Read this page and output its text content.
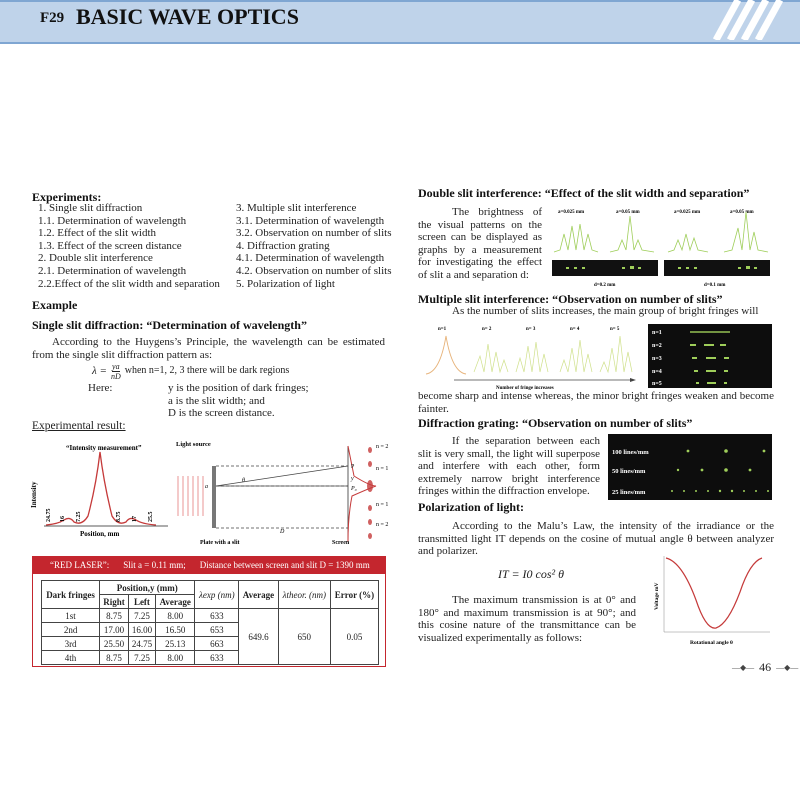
F29 BASIC WAVE OPTICS
Experiments:
1. Single slit diffraction	3. Multiple slit interference
1.1. Determination of wavelength	3.1. Determination of wavelength
1.2. Effect of the slit width	3.2. Observation on number of slits
1.3. Effect of the screen distance	4. Diffraction grating
2. Double slit interference	4.1. Determination of wavelength
2.1. Determination of wavelength	4.2. Observation on number of slits
2.2.Effect of the slit width and separation	5. Polarization of light
Example
Single slit diffraction: “Determination of wavelength”
According to the Huygens’s Principle, the wavelength can be estimated from the single slit diffraction pattern as:
$\lambda = \frac{ya}{nD}$ when n=1, 2, 3 there will be dark regions
Here:	y is the position of dark fringes;
a is the slit width; and
D is the screen distance.
Experimental result:
“Intensity measurement”
Intensity
24.75 16 7.25	8.75 17 25.5
Position, mm
Light source
a
θ
P
y
P₀
D
n = 2
n = 1
n = 1
n = 2
Plate with a slit	Screen
“RED LASER”: Slit a = 0.11 mm; Distance between screen and slit D = 1390 mm
Dark fringes	Position,y (mm)			λexp (nm)	Average	λtheor. (nm)	Error (%)
	Right	Left	Average				
1st	8.75	7.25	8.00	633	649.6	650	0.05
2nd	17.00	16.00	16.50	653			
3rd	25.50	24.75	25.13	663			
4th	8.75	7.25	8.00	633			
Double slit interference: “Effect of the slit width and separation”
The brightness of the visual patterns on the screen can be displayed as graphs by a measurement for investigating the effect of slit a and separation d:
a=0.025 mm	a=0.05 mm	a=0.025 mm	a=0.05 mm
d=0.2 mm	d=0.1 mm
Multiple slit interference: “Observation on number of slits”
As the number of slits increases, the main group of bright fringes will
n=1	n= 2	n= 3	n= 4	n= 5
Number of fringe increases
n=1
n=2
n=3
n=4
n=5
become sharp and intense whereas, the minor bright fringes weaken and become fainter.
Diffraction grating: “Observation on number of slits”
If the separation between each slit is very small, the light will superpose and interfere with each other, form extremely narrow bright interference fringes within the diffraction envelope.
100 lines/mm
50 lines/mm
25 lines/mm
Polarization of light:
According to the Malu’s Law, the intensity of the irradiance or the transmitted light IT depends on the cosine of mutual angle θ between analyzer and polarizer.
IT = I0 cos² θ
The maximum transmission is at 0° and 180° and maximum transmission is at 90°; and this cosine nature of the transmittance can be visualized experimentally as follows:
Voltage mV
Rotational angle θ
—◆— 46 —◆—
